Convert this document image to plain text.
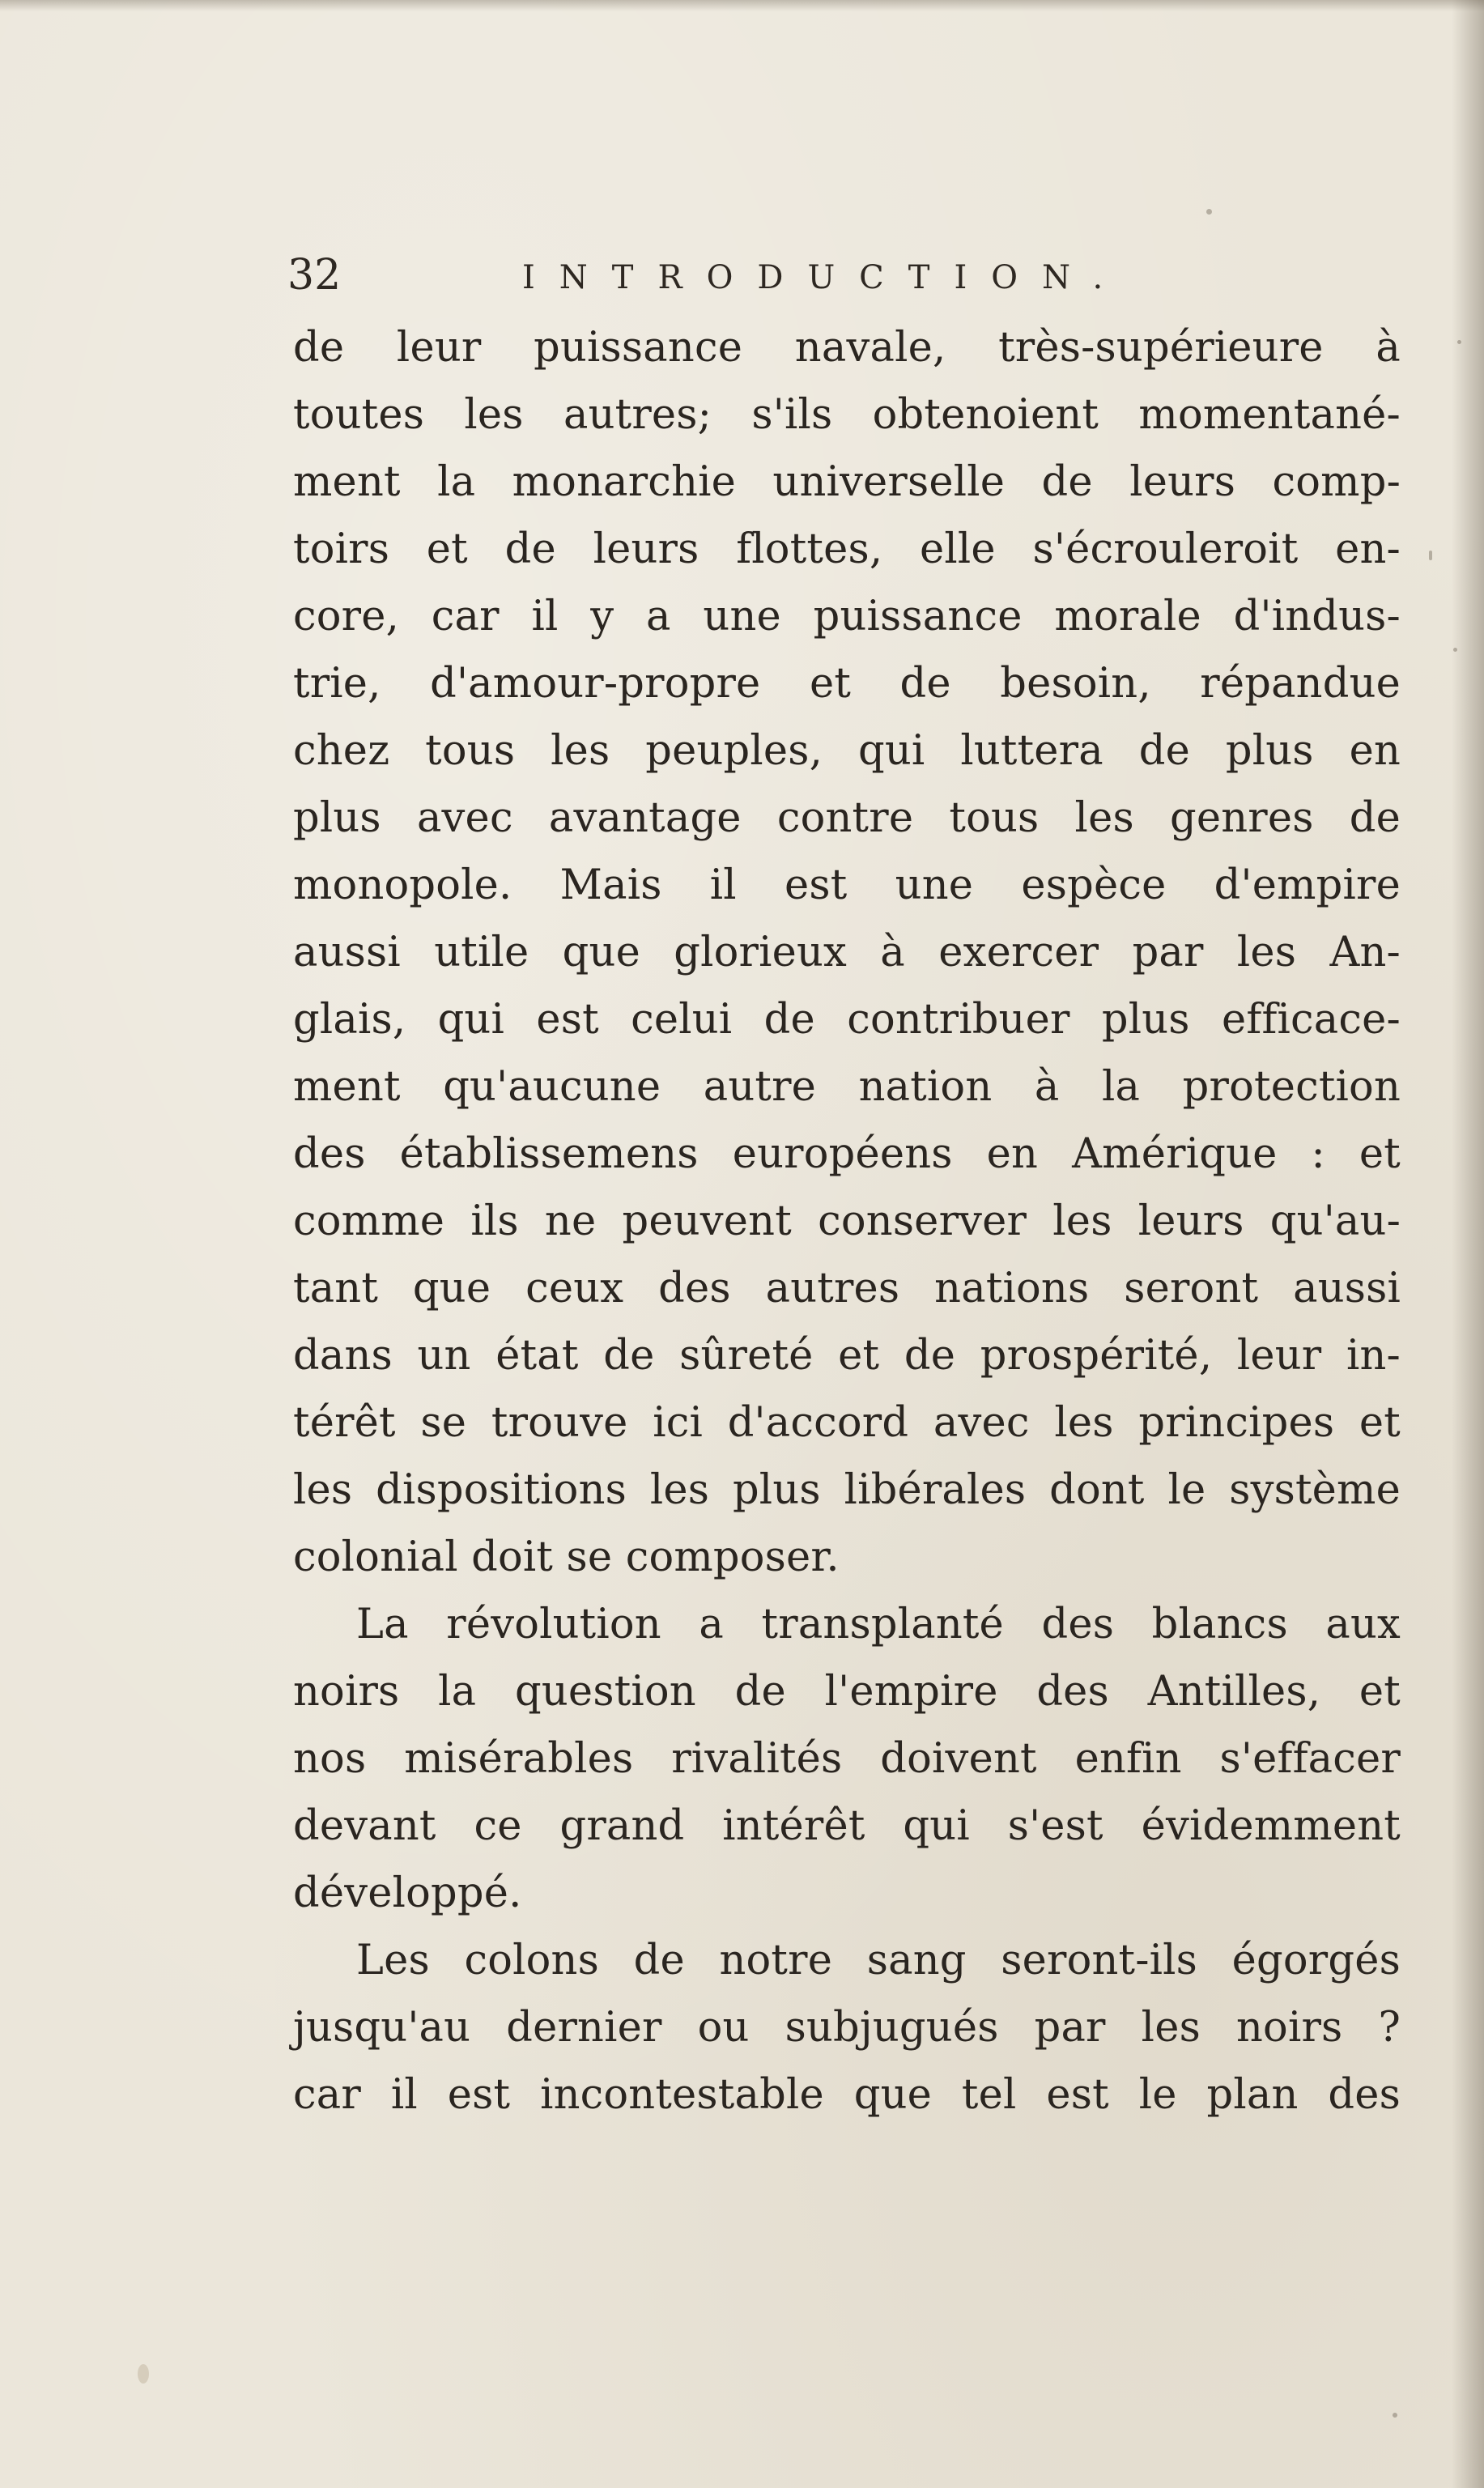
32	INTRODUCTION.
de leur puissance navale, très-supérieure à
toutes les autres; s'ils obtenoient momentané-
ment la monarchie universelle de leurs comp-
toirs et de leurs flottes, elle s'écrouleroit en-
core, car il y a une puissance morale d'indus-
trie, d'amour-propre et de besoin, répandue
chez tous les peuples, qui luttera de plus en
plus avec avantage contre tous les genres de
monopole. Mais il est une espèce d'empire
aussi utile que glorieux à exercer par les An-
glais, qui est celui de contribuer plus efficace-
ment qu'aucune autre nation à la protection
des établissemens européens en Amérique : et
comme ils ne peuvent conserver les leurs qu'au-
tant que ceux des autres nations seront aussi
dans un état de sûreté et de prospérité, leur in-
térêt se trouve ici d'accord avec les principes et
les dispositions les plus libérales dont le système
colonial doit se composer.
La révolution a transplanté des blancs aux
noirs la question de l'empire des Antilles, et
nos misérables rivalités doivent enfin s'effacer
devant ce grand intérêt qui s'est évidemment
développé.
Les colons de notre sang seront-ils égorgés
jusqu'au dernier ou subjugués par les noirs ?
car il est incontestable que tel est le plan des
